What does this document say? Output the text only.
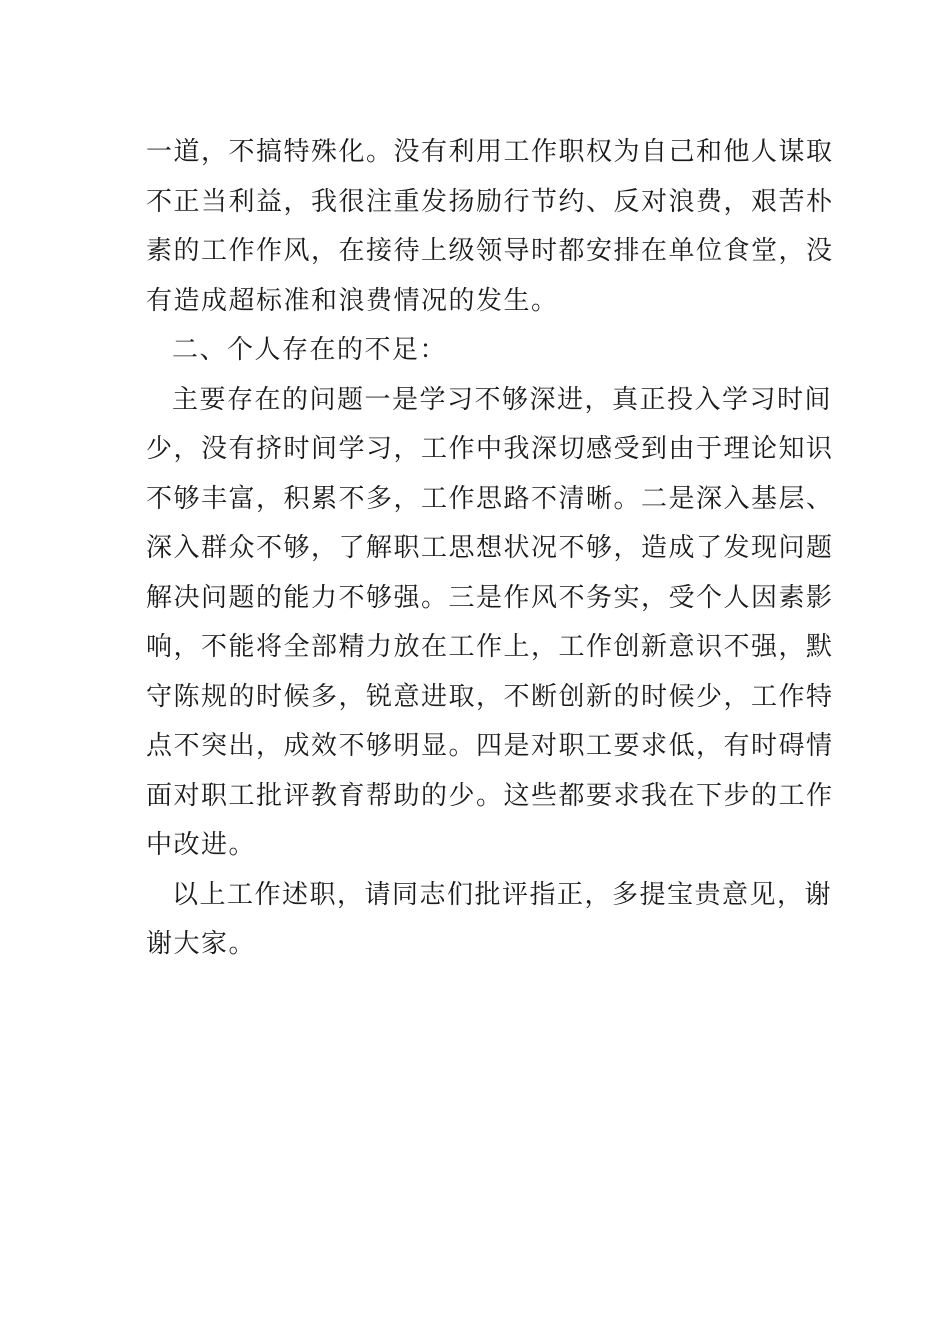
一道，不搞特殊化。没有利用工作职权为自己和他人谋取
不正当利益，我很注重发扬励行节约、反对浪费，艰苦朴
素的工作作风，在接待上级领导时都安排在单位食堂，没
有造成超标准和浪费情况的发生。
二、个人存在的不足：
主要存在的问题一是学习不够深进，真正投入学习时间
少，没有挤时间学习，工作中我深切感受到由于理论知识
不够丰富，积累不多，工作思路不清晰。二是深入基层、
深入群众不够，了解职工思想状况不够，造成了发现问题
解决问题的能力不够强。三是作风不务实，受个人因素影
响，不能将全部精力放在工作上，工作创新意识不强，默
守陈规的时候多，锐意进取，不断创新的时候少，工作特
点不突出，成效不够明显。四是对职工要求低，有时碍情
面对职工批评教育帮助的少。这些都要求我在下步的工作
中改进。
以上工作述职，请同志们批评指正，多提宝贵意见，谢
谢大家。
